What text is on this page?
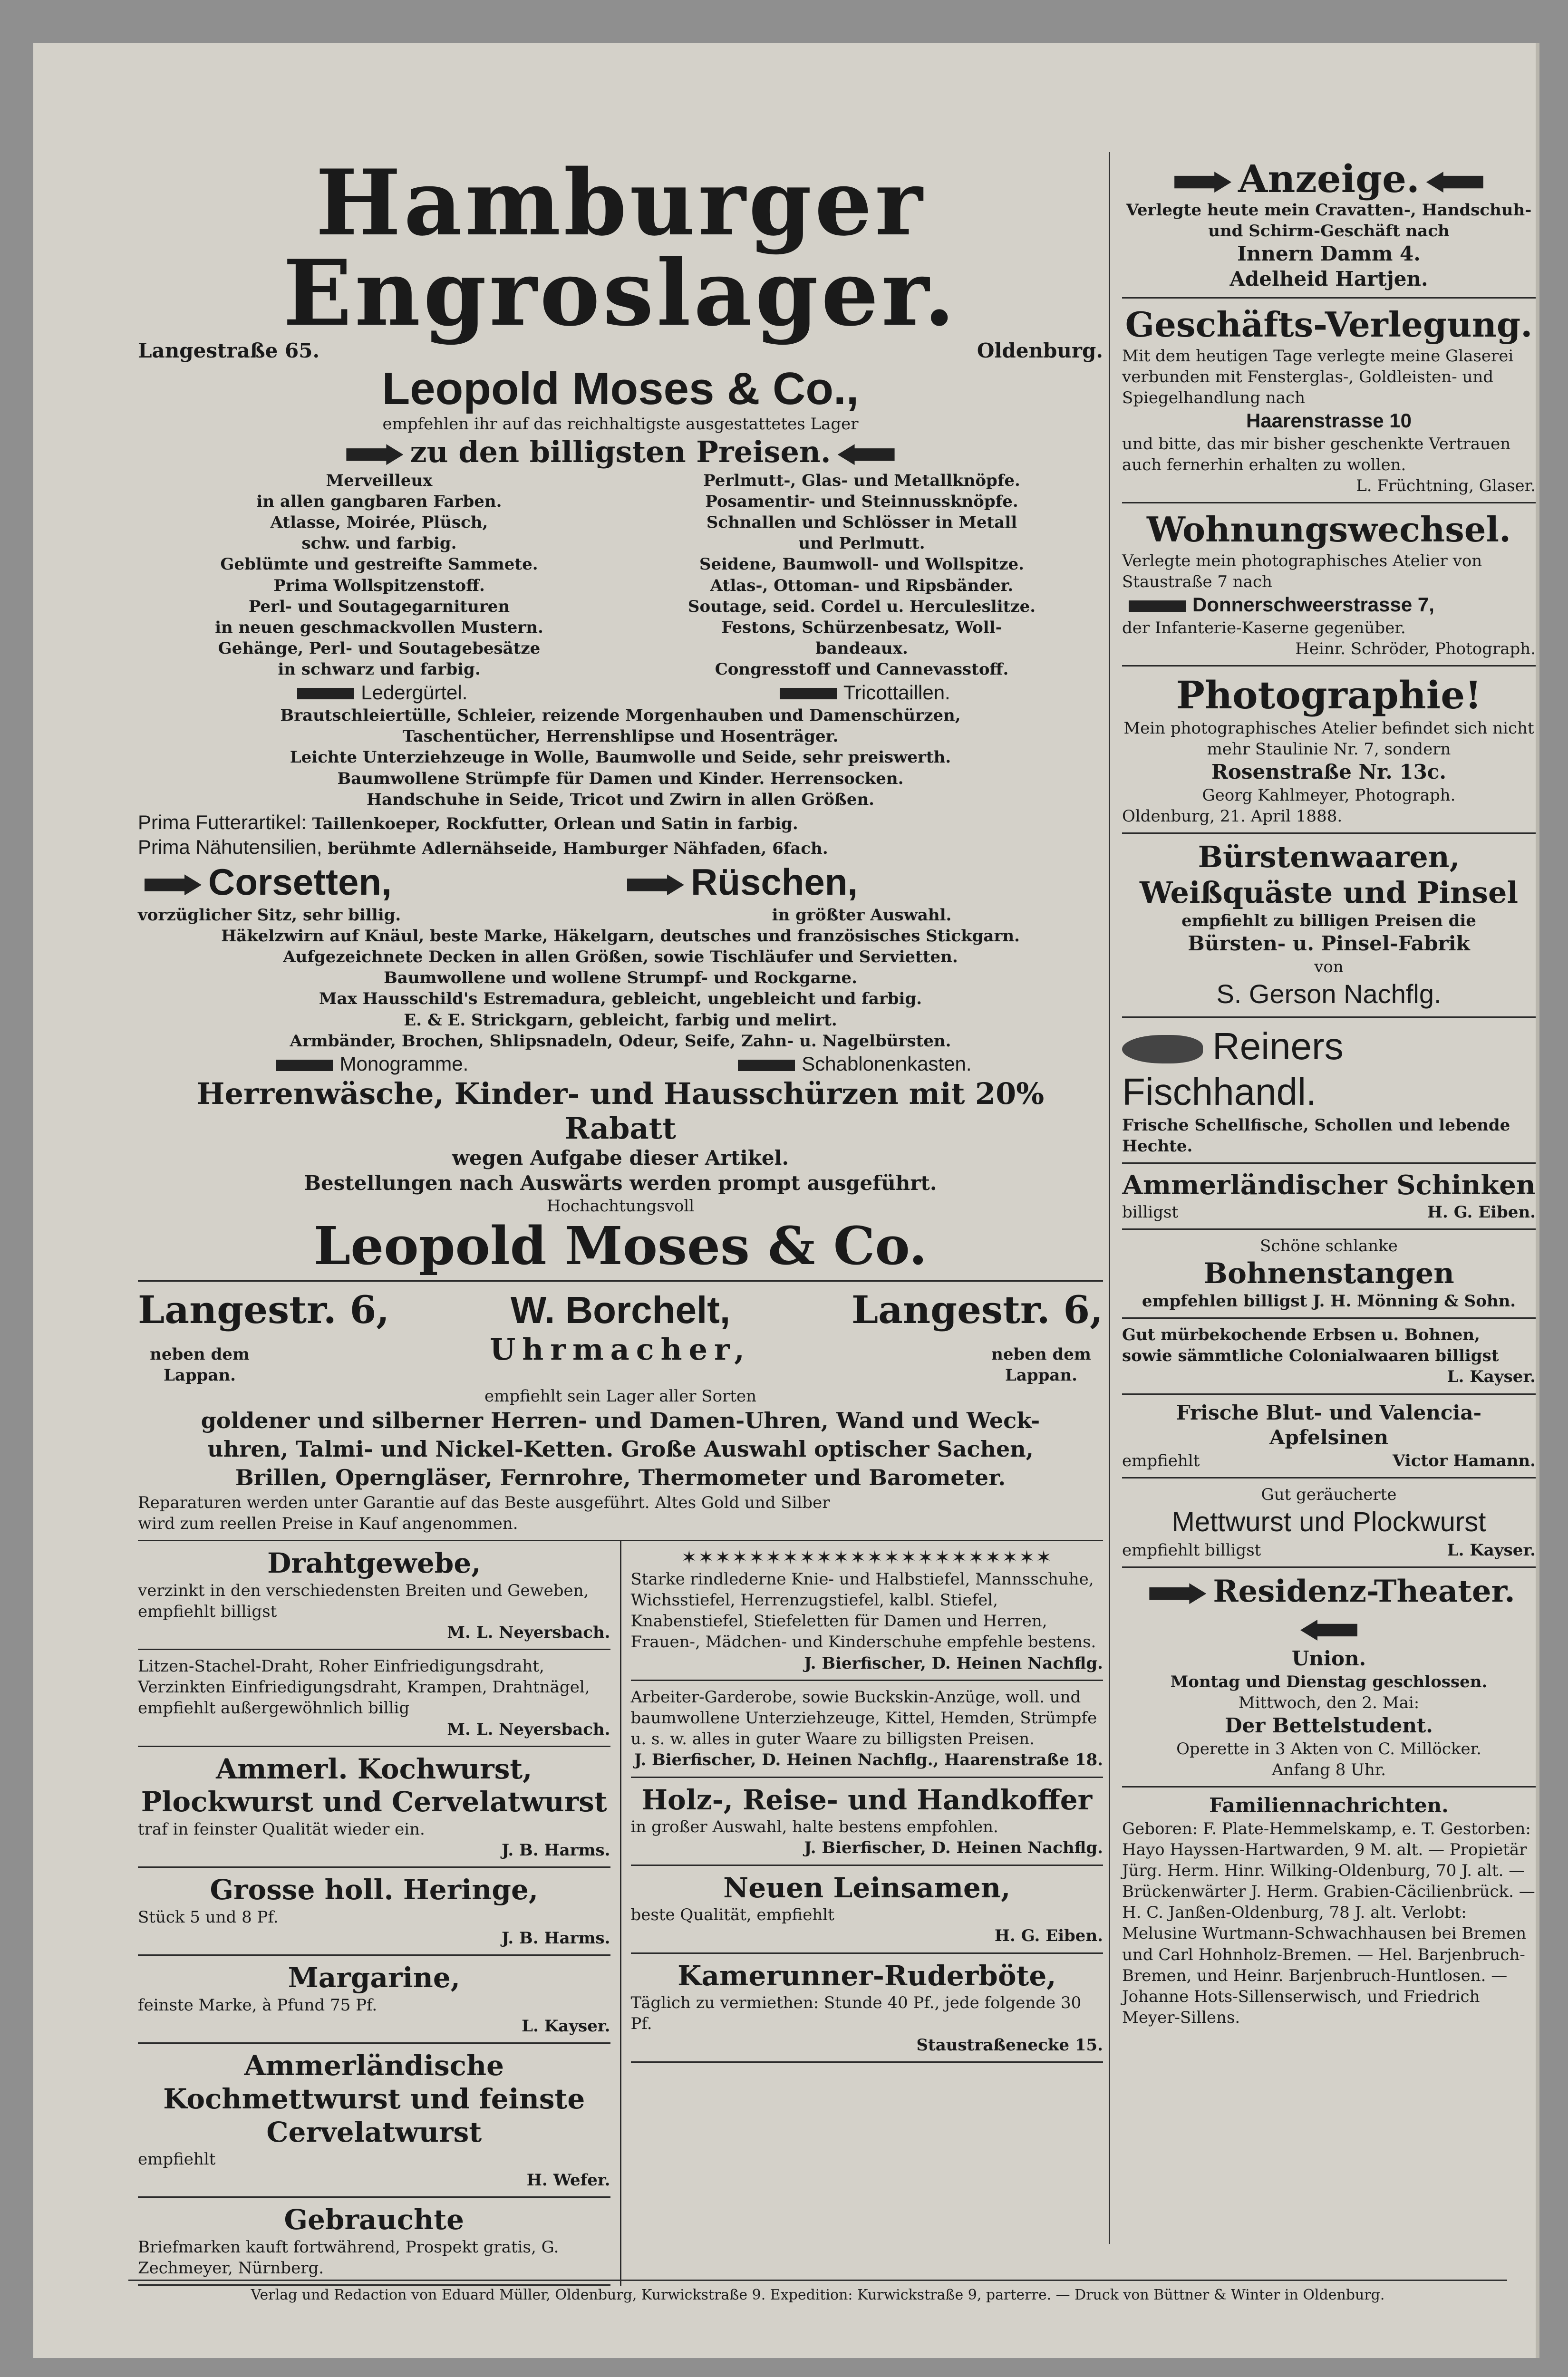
Hamburger Engroslager.
Langestraße 65.	Oldenburg.
Leopold Moses & Co.,
empfehlen ihr auf das reichhaltigste ausgestattetes Lager
zu den billigsten Preisen.
Merveilleux
in allen gangbaren Farben.
Atlasse, Moirée, Plüsch,
schw. und farbig.
Geblümte und gestreifte Sammete.
Prima Wollspitzenstoff.
Perl- und Soutagegarnituren
in neuen geschmackvollen Mustern.
Gehänge, Perl- und Soutagebesätze
in schwarz und farbig.
Perlmutt-, Glas- und Metallknöpfe.
Posamentir- und Steinnussknöpfe.
Schnallen und Schlösser in Metall
und Perlmutt.
Seidene, Baumwoll- und Wollspitze.
Atlas-, Ottoman- und Ripsbänder.
Soutage, seid. Cordel u. Herculeslitze.
Festons, Schürzenbesatz, Woll-
bandeaux.
Congresstoff und Cannevasstoff.
Ledergürtel.	Tricottaillen.
Brautschleiertülle, Schleier, reizende Morgenhauben und Damenschürzen,
Taschentücher, Herrenshlipse und Hosenträger.
Leichte Unterziehzeuge in Wolle, Baumwolle und Seide, sehr preiswerth.
Baumwollene Strümpfe für Damen und Kinder. Herrensocken.
Handschuhe in Seide, Tricot und Zwirn in allen Größen.
Prima Futterartikel: Taillenkoeper, Rockfutter, Orlean und Satin in farbig.
Prima Nähutensilien, berühmte Adlernähseide, Hamburger Nähfaden, 6fach.
Corsetten,
vorzüglicher Sitz, sehr billig.
Rüschen,
in größter Auswahl.
Häkelzwirn auf Knäul, beste Marke, Häkelgarn, deutsches und französisches Stickgarn.
Aufgezeichnete Decken in allen Größen, sowie Tischläufer und Servietten.
Baumwollene und wollene Strumpf- und Rockgarne.
Max Hausschild's Estremadura, gebleicht, ungebleicht und farbig.
E. & E. Strickgarn, gebleicht, farbig und melirt.
Armbänder, Brochen, Shlipsnadeln, Odeur, Seife, Zahn- u. Nagelbürsten.
Monogramme.	Schablonenkasten.
Herrenwäsche, Kinder- und Hausschürzen mit 20% Rabatt
wegen Aufgabe dieser Artikel.
Bestellungen nach Auswärts werden prompt ausgeführt.
Hochachtungsvoll
Leopold Moses & Co.
Langestr. 6,	W. Borchelt,	Langestr. 6,
neben dem Lappan.
Uhrmacher,	neben dem Lappan.
empfiehlt sein Lager aller Sorten
goldener und silberner Herren- und Damen-Uhren, Wand und Weck-
uhren, Talmi- und Nickel-Ketten. Große Auswahl optischer Sachen,
Brillen, Operngläser, Fernrohre, Thermometer und Barometer.
Reparaturen werden unter Garantie auf das Beste ausgeführt. Altes Gold und Silber
wird zum reellen Preise in Kauf angenommen.
Drahtgewebe,
verzinkt in den verschiedensten Breiten und Geweben, empfiehlt billigst
M. L. Neyersbach.
Litzen-Stachel-Draht, Roher Einfriedigungsdraht, Verzinkten Einfriedigungsdraht, Krampen, Drahtnägel, empfiehlt außergewöhnlich billig
M. L. Neyersbach.
Ammerl. Kochwurst, Plockwurst und Cervelatwurst
traf in feinster Qualität wieder ein.
J. B. Harms.
Grosse holl. Heringe,
Stück 5 und 8 Pf.
J. B. Harms.
Margarine,
feinste Marke, à Pfund 75 Pf.
L. Kayser.
Ammerländische Kochmettwurst und feinste Cervelatwurst
empfiehlt
H. Wefer.
Gebrauchte
Briefmarken kauft fortwährend, Prospekt gratis, G. Zechmeyer, Nürnberg.
✶✶✶✶✶✶✶✶✶✶✶✶✶✶✶✶✶✶✶✶✶✶
Starke rindlederne Knie- und Halbstiefel, Mannsschuhe, Wichsstiefel, Herrenzugstiefel, kalbl. Stiefel, Knabenstiefel, Stiefeletten für Damen und Herren, Frauen-, Mädchen- und Kinderschuhe empfehle bestens.
J. Bierfischer, D. Heinen Nachflg.
Arbeiter-Garderobe, sowie Buckskin-Anzüge, woll. und baumwollene Unterziehzeuge, Kittel, Hemden, Strümpfe u. s. w. alles in guter Waare zu billigsten Preisen.
J. Bierfischer, D. Heinen Nachflg., Haarenstraße 18.
Holz-, Reise- und Handkoffer
in großer Auswahl, halte bestens empfohlen.
J. Bierfischer, D. Heinen Nachflg.
Neuen Leinsamen,
beste Qualität, empfiehlt
H. G. Eiben.
Kamerunner-Ruderböte,
Täglich zu vermiethen: Stunde 40 Pf., jede folgende 30 Pf.
Staustraßenecke 15.
Anzeige.
Verlegte heute mein Cravatten-, Handschuh- und Schirm-Geschäft nach
Innern Damm 4.
Adelheid Hartjen.
Geschäfts-Verlegung.
Mit dem heutigen Tage verlegte meine Glaserei verbunden mit Fensterglas-, Goldleisten- und Spiegelhandlung nach
Haarenstrasse 10
und bitte, das mir bisher geschenkte Vertrauen auch fernerhin erhalten zu wollen.
L. Früchtning, Glaser.
Wohnungswechsel.
Verlegte mein photographisches Atelier von Staustraße 7 nach
Donnerschweerstrasse 7,
der Infanterie-Kaserne gegenüber.
Heinr. Schröder, Photograph.
Photographie!
Mein photographisches Atelier befindet sich nicht mehr Staulinie Nr. 7, sondern
Rosenstraße Nr. 13c.
Georg Kahlmeyer, Photograph.
Oldenburg, 21. April 1888.
Bürstenwaaren, Weißquäste und Pinsel
empfiehlt zu billigen Preisen die
Bürsten- u. Pinsel-Fabrik
von
S. Gerson Nachflg.
Reiners Fischhandl.
Frische Schellfische, Schollen und lebende Hechte.
Ammerländischer Schinken
billigst	H. G. Eiben.
Schöne schlanke
Bohnenstangen
empfehlen billigst J. H. Mönning & Sohn.
Gut mürbekochende Erbsen u. Bohnen, sowie sämmtliche Colonialwaaren billigst
L. Kayser.
Frische Blut- und Valencia-Apfelsinen
empfiehlt	Victor Hamann.
Gut geräucherte
Mettwurst und Plockwurst
empfiehlt billigst	L. Kayser.
Residenz-Theater.
Union.
Montag und Dienstag geschlossen.
Mittwoch, den 2. Mai:
Der Bettelstudent.
Operette in 3 Akten von C. Millöcker.
Anfang 8 Uhr.
Familiennachrichten.
Geboren: F. Plate-Hemmelskamp, e. T. Gestorben: Hayo Hayssen-Hartwarden, 9 M. alt. — Propietär Jürg. Herm. Hinr. Wilking-Oldenburg, 70 J. alt. — Brückenwärter J. Herm. Grabien-Cäcilienbrück. — H. C. Janßen-Oldenburg, 78 J. alt. Verlobt: Melusine Wurtmann-Schwachhausen bei Bremen und Carl Hohnholz-Bremen. — Hel. Barjenbruch-Bremen, und Heinr. Barjenbruch-Huntlosen. — Johanne Hots-Sillenserwisch, und Friedrich Meyer-Sillens.
Verlag und Redaction von Eduard Müller, Oldenburg, Kurwickstraße 9. Expedition: Kurwickstraße 9, parterre. — Druck von Büttner & Winter in Oldenburg.
